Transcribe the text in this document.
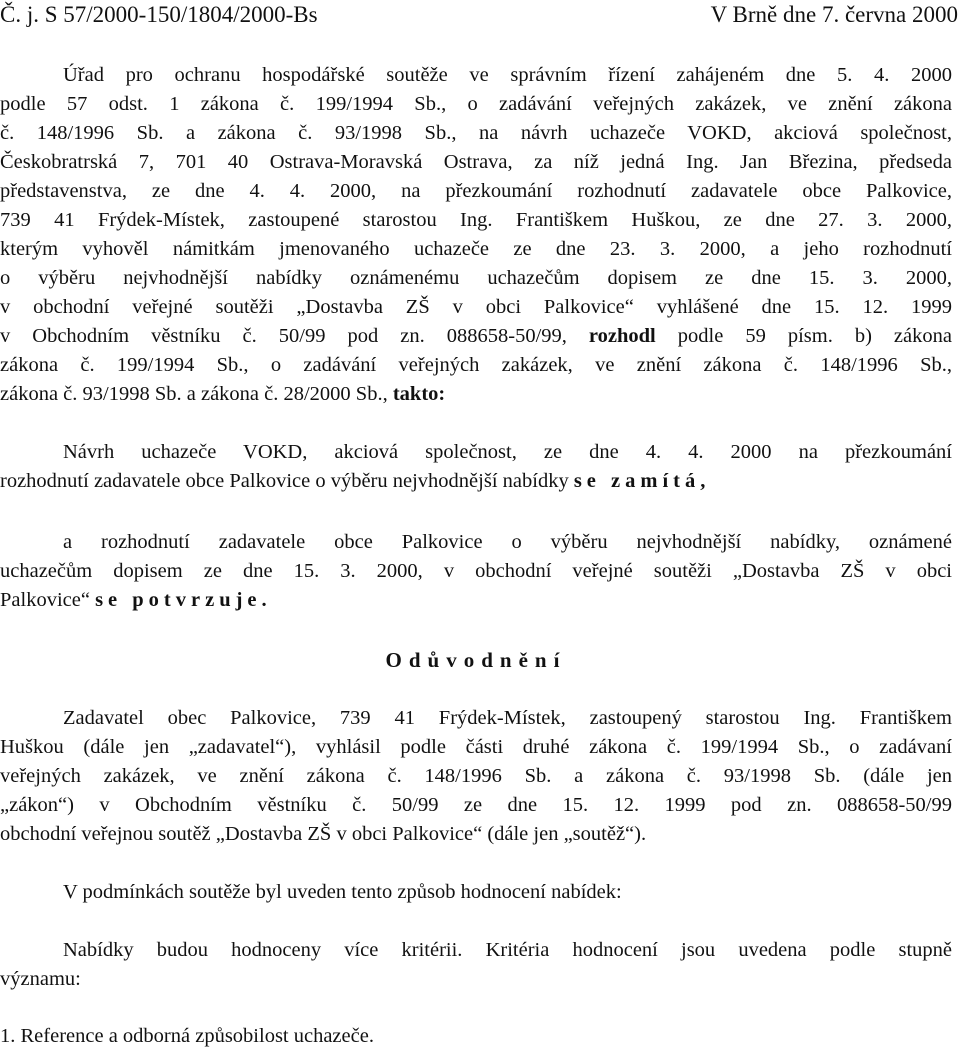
Č. j. S 57/2000-150/1804/2000-Bs	V Brně dne 7. června 2000
Úřad pro ochranu hospodářské soutěže ve správním řízení zahájeném dne 5. 4. 2000
podle 57 odst. 1 zákona č. 199/1994 Sb., o zadávání veřejných zakázek, ve znění zákona
č. 148/1996 Sb. a zákona č. 93/1998 Sb., na návrh uchazeče VOKD, akciová společnost,
Českobratrská 7, 701 40 Ostrava-Moravská Ostrava, za níž jedná Ing. Jan Březina, předseda
představenstva, ze dne 4. 4. 2000, na přezkoumání rozhodnutí zadavatele obce Palkovice,
739 41 Frýdek-Místek, zastoupené starostou Ing. Františkem Huškou, ze dne 27. 3. 2000,
kterým vyhověl námitkám jmenovaného uchazeče ze dne 23. 3. 2000, a jeho rozhodnutí
o výběru nejvhodnější nabídky oznámenému uchazečům dopisem ze dne 15. 3. 2000,
v obchodní veřejné soutěži „Dostavba ZŠ v obci Palkovice“ vyhlášené dne 15. 12. 1999
v Obchodním věstníku č. 50/99 pod zn. 088658-50/99, rozhodl podle 59 písm. b) zákona
zákona č. 199/1994 Sb., o zadávání veřejných zakázek, ve znění zákona č. 148/1996 Sb.,
zákona č. 93/1998 Sb. a zákona č. 28/2000 Sb., takto:
Návrh uchazeče VOKD, akciová společnost, ze dne 4. 4. 2000 na přezkoumání
rozhodnutí zadavatele obce Palkovice o výběru nejvhodnější nabídky se zamítá,
a rozhodnutí zadavatele obce Palkovice o výběru nejvhodnější nabídky, oznámené
uchazečům dopisem ze dne 15. 3. 2000, v obchodní veřejné soutěži „Dostavba ZŠ v obci
Palkovice“ se potvrzuje.
Odůvodnění
Zadavatel obec Palkovice, 739 41 Frýdek-Místek, zastoupený starostou Ing. Františkem
Huškou (dále jen „zadavatel“), vyhlásil podle části druhé zákona č. 199/1994 Sb., o zadávaní
veřejných zakázek, ve znění zákona č. 148/1996 Sb. a zákona č. 93/1998 Sb. (dále jen
„zákon“) v Obchodním věstníku č. 50/99 ze dne 15. 12. 1999 pod zn. 088658-50/99
obchodní veřejnou soutěž „Dostavba ZŠ v obci Palkovice“ (dále jen „soutěž“).
V podmínkách soutěže byl uveden tento způsob hodnocení nabídek:
Nabídky budou hodnoceny více kritérii. Kritéria hodnocení jsou uvedena podle stupně
významu:
1. Reference a odborná způsobilost uchazeče.
